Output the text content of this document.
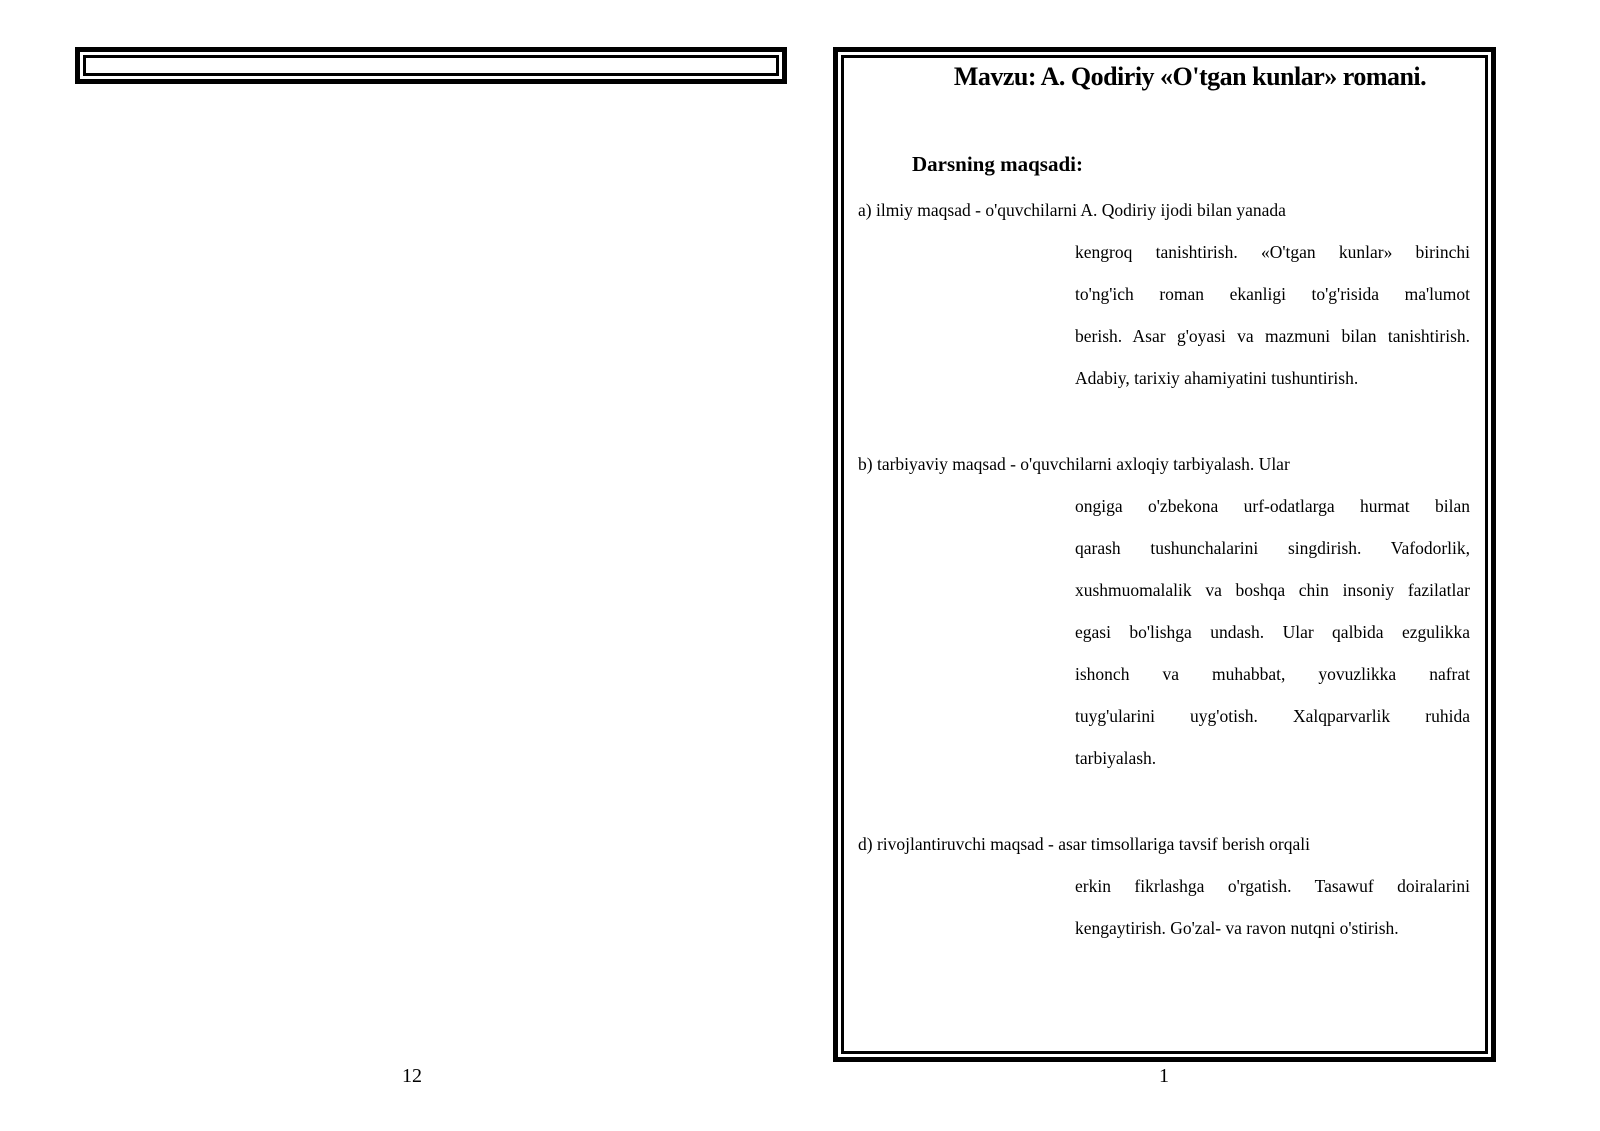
12
Mavzu: A. Qodiriy «O'tgan kunlar» romani.
Darsning maqsadi:
a) ilmiy maqsad - o'quvchilarni A. Qodiriy ijodi bilan yanada
kengroq tanishtirish. «O'tgan kunlar» birinchi
to'ng'ich roman ekanligi to'g'risida ma'lumot
berish. Asar g'oyasi va mazmuni bilan tanishtirish.
Adabiy, tarixiy ahamiyatini tushuntirish.
b) tarbiyaviy maqsad - o'quvchilarni axloqiy tarbiyalash. Ular
ongiga o'zbekona urf-odatlarga hurmat bilan
qarash tushunchalarini singdirish. Vafodorlik,
xushmuomalalik va boshqa chin insoniy fazilatlar
egasi bo'lishga undash. Ular qalbida ezgulikka
ishonch va muhabbat, yovuzlikka nafrat
tuyg'ularini uyg'otish. Xalqparvarlik ruhida
tarbiyalash.
d) rivojlantiruvchi maqsad - asar timsollariga tavsif berish orqali
erkin fikrlashga o'rgatish. Tasawuf doiralarini
kengaytirish. Go'zal- va ravon nutqni o'stirish.
1
